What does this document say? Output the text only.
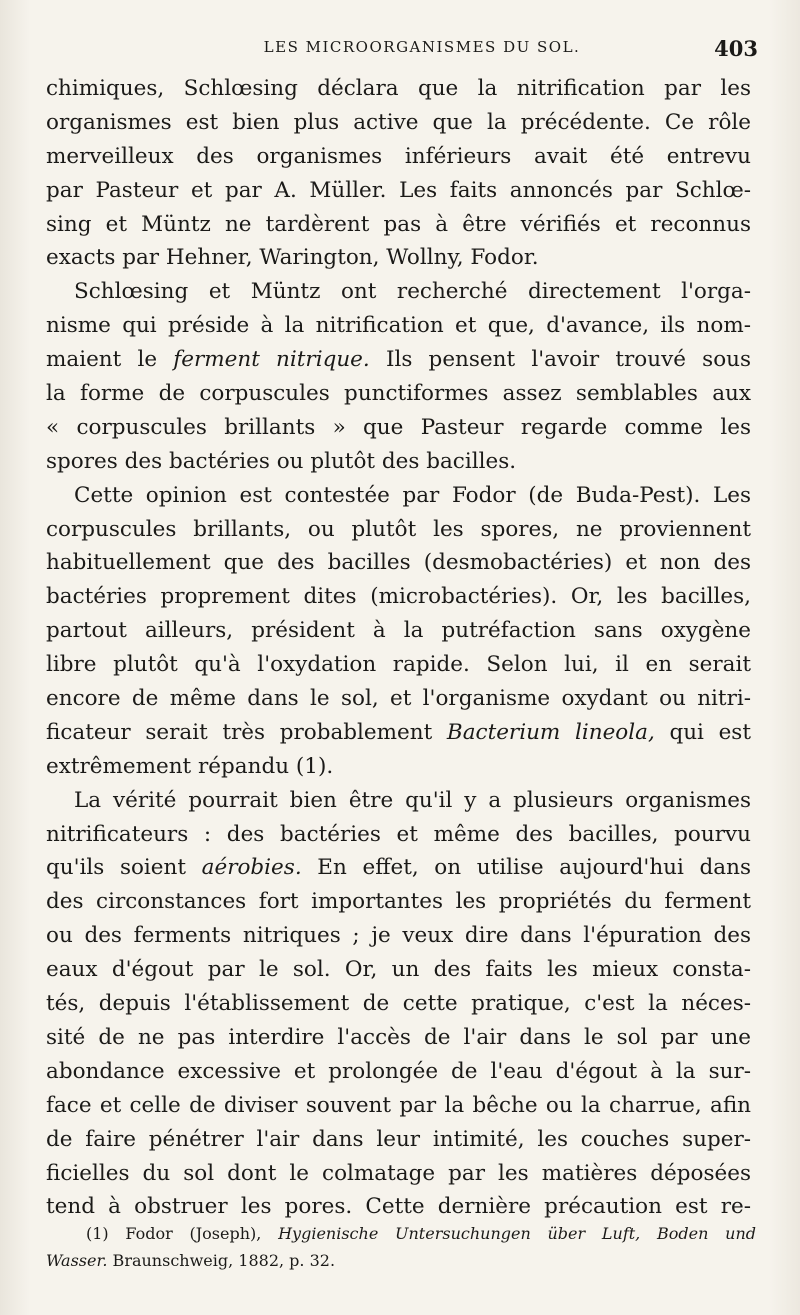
LES MICROORGANISMES DU SOL.	403
chimiques, Schlœsing déclara que la nitrification par les
organismes est bien plus active que la précédente. Ce rôle
merveilleux des organismes inférieurs avait été entrevu
par Pasteur et par A. Müller. Les faits annoncés par Schlœ-
sing et Müntz ne tardèrent pas à être vérifiés et reconnus
exacts par Hehner, Warington, Wollny, Fodor.
Schlœsing et Müntz ont recherché directement l'orga-
nisme qui préside à la nitrification et que, d'avance, ils nom-
maient le ferment nitrique. Ils pensent l'avoir trouvé sous
la forme de corpuscules punctiformes assez semblables aux
« corpuscules brillants » que Pasteur regarde comme les
spores des bactéries ou plutôt des bacilles.
Cette opinion est contestée par Fodor (de Buda-Pest). Les
corpuscules brillants, ou plutôt les spores, ne proviennent
habituellement que des bacilles (desmobactéries) et non des
bactéries proprement dites (microbactéries). Or, les bacilles,
partout ailleurs, président à la putréfaction sans oxygène
libre plutôt qu'à l'oxydation rapide. Selon lui, il en serait
encore de même dans le sol, et l'organisme oxydant ou nitri-
ficateur serait très probablement Bacterium lineola, qui est
extrêmement répandu (1).
La vérité pourrait bien être qu'il y a plusieurs organismes
nitrificateurs : des bactéries et même des bacilles, pourvu
qu'ils soient aérobies. En effet, on utilise aujourd'hui dans
des circonstances fort importantes les propriétés du ferment
ou des ferments nitriques ; je veux dire dans l'épuration des
eaux d'égout par le sol. Or, un des faits les mieux consta-
tés, depuis l'établissement de cette pratique, c'est la néces-
sité de ne pas interdire l'accès de l'air dans le sol par une
abondance excessive et prolongée de l'eau d'égout à la sur-
face et celle de diviser souvent par la bêche ou la charrue, afin
de faire pénétrer l'air dans leur intimité, les couches super-
ficielles du sol dont le colmatage par les matières déposées
tend à obstruer les pores. Cette dernière précaution est re-
(1) Fodor (Joseph), Hygienische Untersuchungen über Luft, Boden und
Wasser. Braunschweig, 1882, p. 32.
